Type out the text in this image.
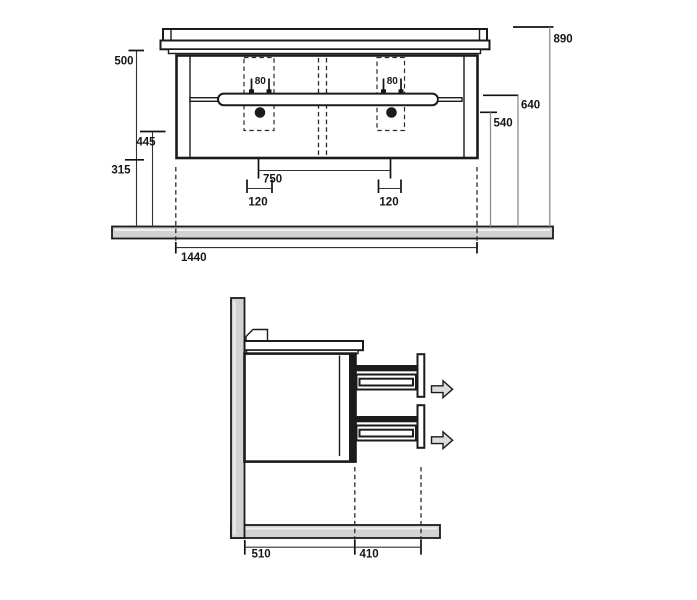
80	80
750
120	120
500
445
315
890
640
540
1440
510	410
